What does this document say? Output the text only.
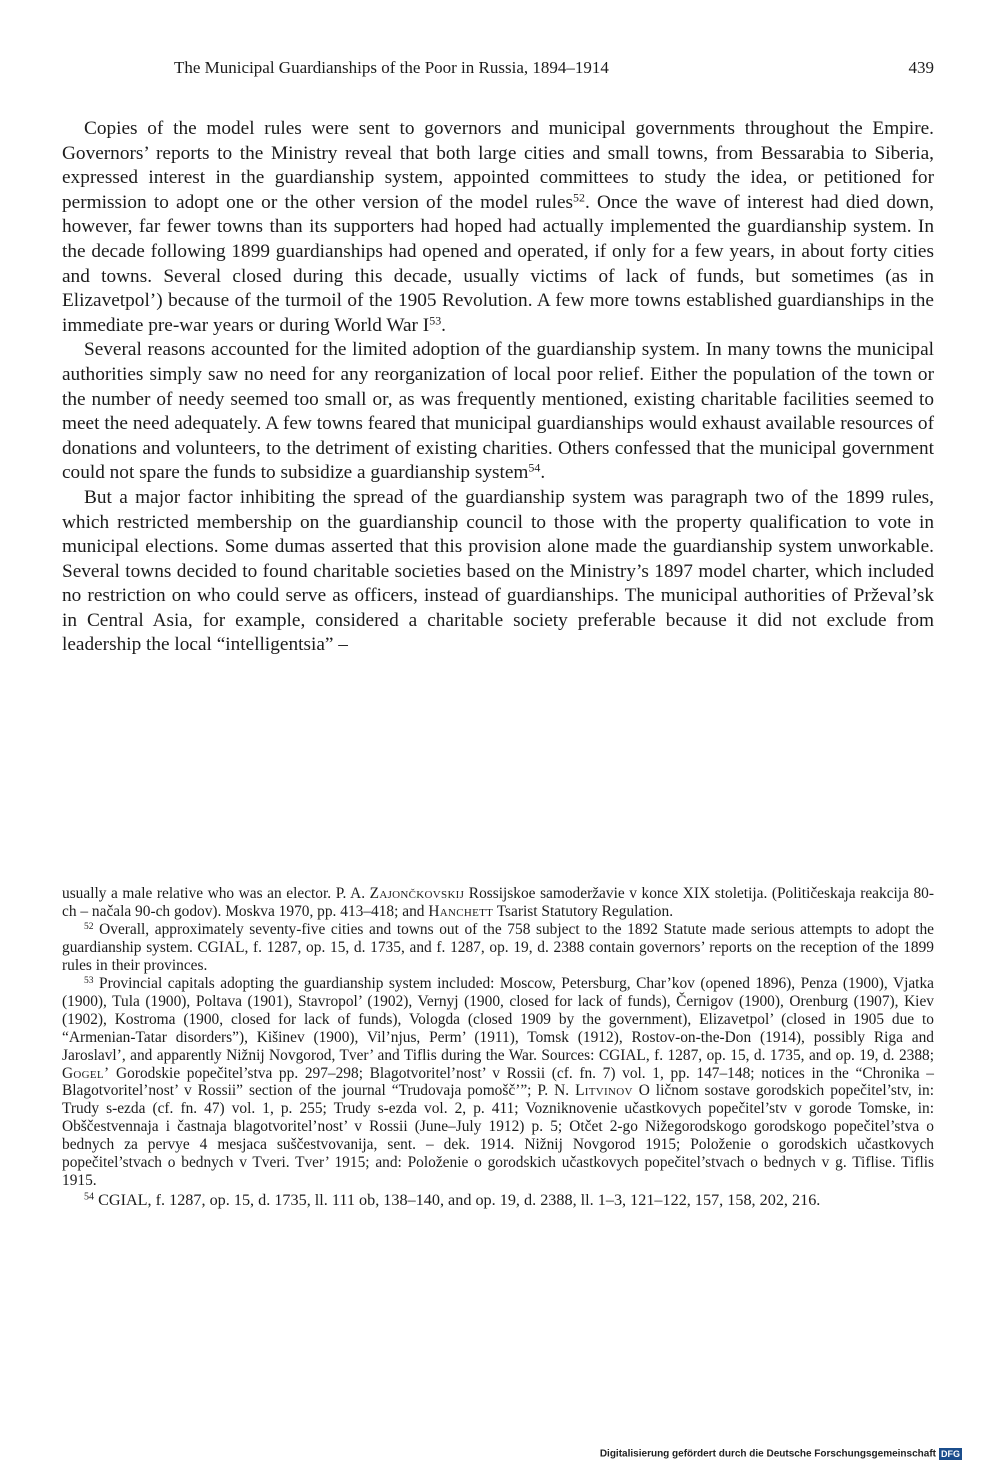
The Municipal Guardianships of the Poor in Russia, 1894–1914	439

Copies of the model rules were sent to governors and municipal governments throughout the Empire. Governors’ reports to the Ministry reveal that both large cities and small towns, from Bessarabia to Siberia, expressed interest in the guardianship system, appointed committees to study the idea, or petitioned for permission to adopt one or the other version of the model rules$^{52}$. Once the wave of interest had died down, however, far fewer towns than its supporters had hoped had actually implemented the guardianship system. In the decade following 1899 guardianships had opened and operated, if only for a few years, in about forty cities and towns. Several closed during this decade, usually victims of lack of funds, but sometimes (as in Elizavetpol’) because of the turmoil of the 1905 Revolution. A few more towns established guardianships in the immediate pre-war years or during World War $I^{53}$.

Several reasons accounted for the limited adoption of the guardianship system. In many towns the municipal authorities simply saw no need for any reorganization of local poor relief. Either the population of the town or the number of needy seemed too small or, as was frequently mentioned, existing charitable facilities seemed to meet the need adequately. A few towns feared that municipal guardianships would exhaust available resources of donations and volunteers, to the detriment of existing charities. Others confessed that the municipal government could not spare the funds to subsidize a guardianship system$^{54}$.

But a major factor inhibiting the spread of the guardianship system was paragraph two of the 1899 rules, which restricted membership on the guardianship council to those with the property qualification to vote in municipal elections. Some dumas asserted that this provision alone made the guardianship system unworkable. Several towns decided to found charitable societies based on the Ministry’s 1897 model charter, which included no restriction on who could serve as officers, instead of guardianships. The municipal authorities of Prževal’sk in Central Asia, for example, considered a charitable society preferable because it did not exclude from leadership the local “intelligentsia” –

usually a male relative who was an elector. P. A. Zajončkovskij Rossijskoe samoderžavie v konce XIX stoletija. (Političeskaja reakcija 80-ch – načala 90-ch godov). Moskva 1970, pp. 413–418; and Hanchett Tsarist Statutory Regulation.

$^{52}$ Overall, approximately seventy-five cities and towns out of the 758 subject to the 1892 Statute made serious attempts to adopt the guardianship system. CGIAL, f. 1287, op. 15, d. 1735, and f. 1287, op. 19, d. 2388 contain governors’ reports on the reception of the 1899 rules in their provinces.

$^{53}$ Provincial capitals adopting the guardianship system included: Moscow, Petersburg, Char’kov (opened 1896), Penza (1900), Vjatka (1900), Tula (1900), Poltava (1901), Stavropol’ (1902), Vernyj (1900, closed for lack of funds), Černigov (1900), Orenburg (1907), Kiev (1902), Kostroma (1900, closed for lack of funds), Vologda (closed 1909 by the government), Elizavetpol’ (closed in 1905 due to “Armenian-Tatar disorders”), Kišinev (1900), Vil’njus, Perm’ (1911), Tomsk (1912), Rostov-on-the-Don (1914), possibly Riga and Jaroslavl’, and apparently Nižnij Novgorod, Tver’ and Tiflis during the War. Sources: CGIAL, f. 1287, op. 15, d. 1735, and op. 19, d. 2388; Gogel’ Gorodskie popečitel’stva pp. 297–298; Blagotvoritel’nost’ v Rossii (cf. fn. 7) vol. 1, pp. 147–148; notices in the “Chronika – Blagotvoritel’nost’ v Rossii” section of the journal “Trudovaja pomošč’”; P. N. Litvinov O ličnom sostave gorodskich popečitel’stv, in: Trudy s-ezda (cf. fn. 47) vol. 1, p. 255; Trudy s-ezda vol. 2, p. 411; Vozniknovenie učastkovych popečitel’stv v gorode Tomske, in: Obščestvennaja i častnaja blagotvoritel’nost’ v Rossii (June–July 1912) p. 5; Otčet 2-go Nižegorodskogo gorodskogo popečitel’stva o bednych za pervye 4 mesjaca suščestvovanija, sent. – dek. 1914. Nižnij Novgorod 1915; Položenie o gorodskich učastkovych popečitel’stvach o bednych v Tveri. Tver’ 1915; and: Položenie o gorodskich učastkovych popečitel’stvach o bednych v g. Tiflise. Tiflis 1915.

$^{54}$ CGIAL, f. 1287, op. 15, d. 1735, ll. 111 ob, 138–140, and op. 19, d. 2388, ll. 1–3, 121–122, 157, 158, 202, 216.

Digitalisierung gefördert durch die Deutsche Forschungsgemeinschaft DFG
